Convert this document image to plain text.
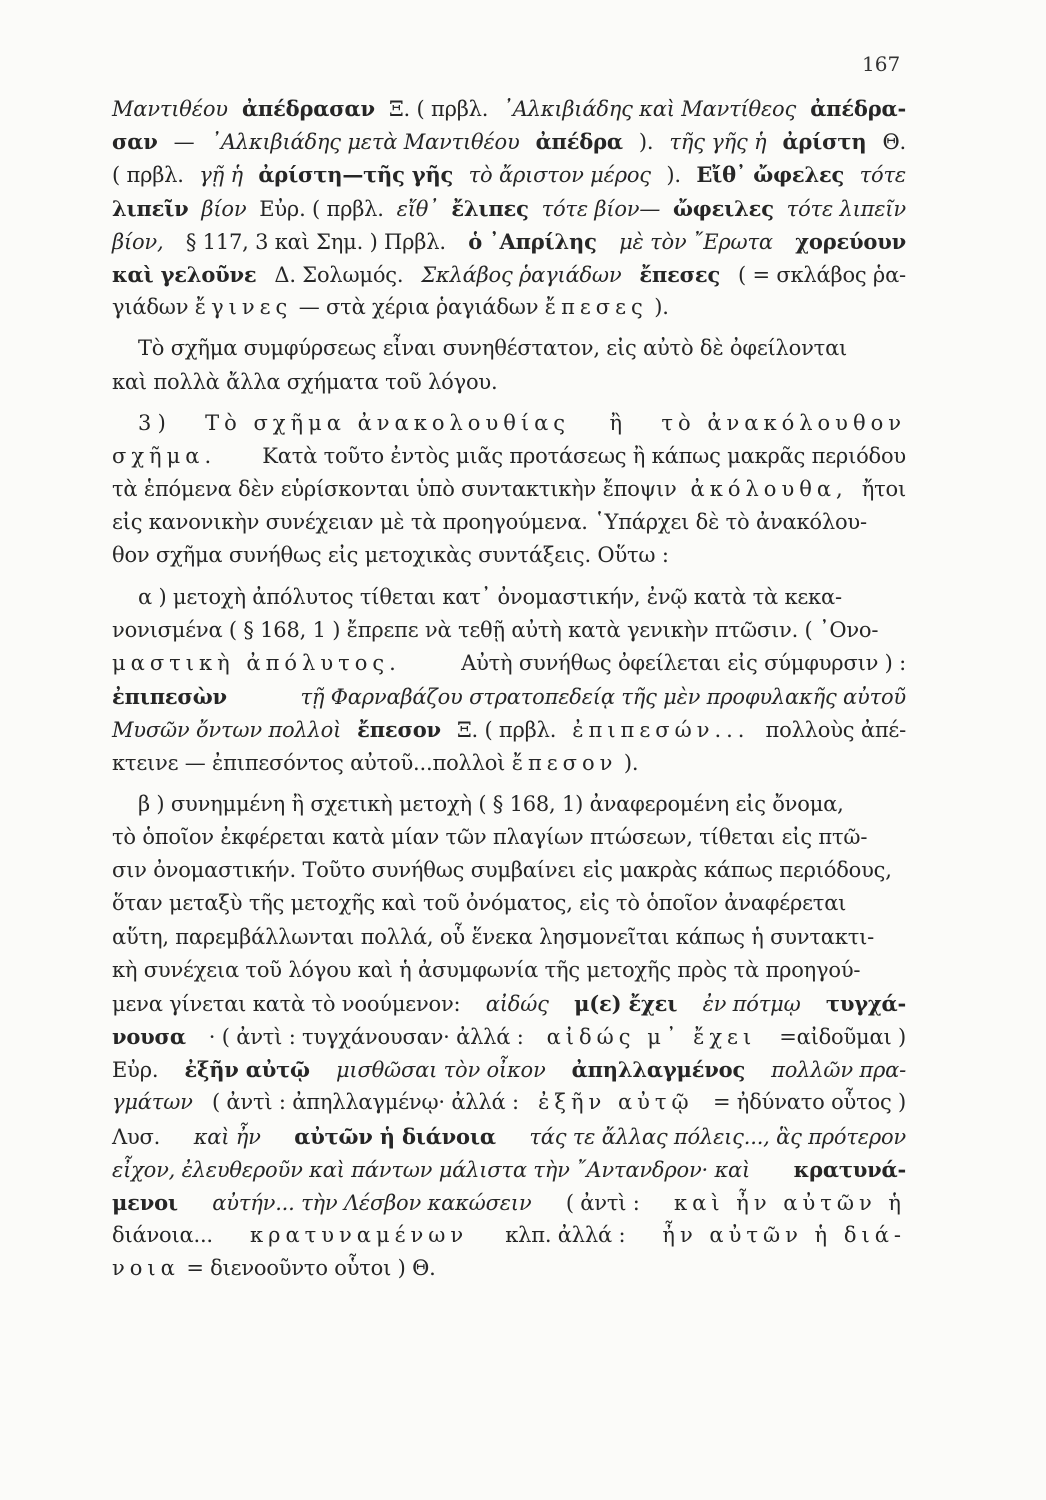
167
Μαντιθέου ἀπέδρασαν Ξ. ( πρβλ. ᾽Αλκιβιάδης καὶ Μαντίθεος ἀπέδρα-
σαν — ᾽Αλκιβιάδης μετὰ Μαντιθέου ἀπέδρα ). τῆς γῆς ἡ ἀρίστη Θ.
( πρβλ. γῇ ἡ ἀρίστη—τῆς γῆς τὸ ἄριστον μέρος ). Εἴθ᾽ ὤφελες τότε
λιπεῖν βίον Εὐρ. ( πρβλ. εἴθ᾽ ἔλιπες τότε βίον— ὤφειλες τότε λιπεῖν
βίον, § 117, 3 καὶ Σημ. ) Πρβλ. ὁ ᾽Απρίλης μὲ τὸν ῎Ερωτα χορεύουν
καὶ γελοῦνε Δ. Σολωμός. Σκλάβος ῥαγιάδων ἔπεσες ( = σκλάβος ῥα-
γιάδων
ἔγινες
— στὰ χέρια ῥαγιάδων
ἔπεσες
).
Τὸ σχῆμα συμφύρσεως εἶναι συνηθέστατον, εἰς αὐτὸ δὲ ὀφείλονται
καὶ πολλὰ ἄλλα σχήματα τοῦ λόγου.
3 ) Τὸ σχῆμα ἀνακολουθίας ἢ τὸ ἀνακόλουθον
σχῆμα. Κατὰ τοῦτο ἐντὸς μιᾶς προτάσεως ἢ κάπως μακρᾶς περιόδου
τὰ ἑπόμενα δὲν εὑρίσκονται ὑπὸ συντακτικὴν ἔποψιν ἀκόλουθα, ἤτοι
εἰς κανονικὴν συνέχειαν μὲ τὰ προηγούμενα. ῾Υπάρχει δὲ τὸ ἀνακόλου-
θον σχῆμα συνήθως εἰς μετοχικὰς συντάξεις. Οὕτω :
α ) μετοχὴ ἀπόλυτος τίθεται κατ᾽ ὀνομαστικήν, ἐνῷ κατὰ τὰ κεκα-
νονισμένα ( § 168, 1 ) ἔπρεπε νὰ τεθῇ αὐτὴ κατὰ γενικὴν πτῶσιν. ( ᾽Ονο-
μαστικὴ ἀπόλυτος.	Αὐτὴ συνήθως ὀφείλεται εἰς σύμφυρσιν ) :
ἐπιπεσὼν	τῇ Φαρναβάζου στρατοπεδείᾳ τῆς μὲν προφυλακῆς αὐτοῦ
Μυσῶν ὄντων πολλοὶ ἔπεσον Ξ. ( πρβλ. ἐπιπεσών... πολλοὺς ἀπέ-
κτεινε — ἐπιπεσόντος αὐτοῦ...πολλοὶ
ἔπεσον
).
β ) συνημμένη ἢ σχετικὴ μετοχὴ ( § 168, 1) ἀναφερομένη εἰς ὄνομα,
τὸ ὁποῖον ἐκφέρεται κατὰ μίαν τῶν πλαγίων πτώσεων, τίθεται εἰς πτῶ-
σιν ὀνομαστικήν. Τοῦτο συνήθως συμβαίνει εἰς μακρὰς κάπως περιόδους,
ὅταν μεταξὺ τῆς μετοχῆς καὶ τοῦ ὀνόματος, εἰς τὸ ὁποῖον ἀναφέρεται
αὕτη, παρεμβάλλωνται πολλά, οὗ ἕνεκα λησμονεῖται κάπως ἡ συντακτι-
κὴ συνέχεια τοῦ λόγου καὶ ἡ ἀσυμφωνία τῆς μετοχῆς πρὸς τὰ προηγού-
μενα γίνεται κατὰ τὸ νοούμενον: αἰδώς μ(ε) ἔχει ἐν πότμῳ τυγχά-
νουσα · ( ἀντὶ : τυγχάνουσαν· ἀλλά : αἰδώς μ᾽ ἔχει =αἰδοῦμαι )
Εὐρ. ἐξῆν αὐτῷ μισθῶσαι τὸν οἶκον ἀπηλλαγμένος πολλῶν πρα-
γμάτων ( ἀντὶ : ἀπηλλαγμένῳ· ἀλλά : ἐξῆν αὐτῷ = ἠδύνατο οὗτος )
Λυσ. καὶ ἦν αὐτῶν ἡ διάνοια τάς τε ἄλλας πόλεις..., ἃς πρότερον
εἶχον, ἐλευθεροῦν καὶ πάντων μάλιστα τὴν ῎Αντανδρον· καὶ κρατυνά-
μενοι αὐτήν... τὴν Λέσβον κακώσειν ( ἀντὶ : καὶ ἦν αὐτῶν ἡ
διάνοια... κρατυναμένων κλπ. ἀλλά : ἦν αὐτῶν ἡ διά-
νοια
= διενοοῦντο οὗτοι ) Θ.
